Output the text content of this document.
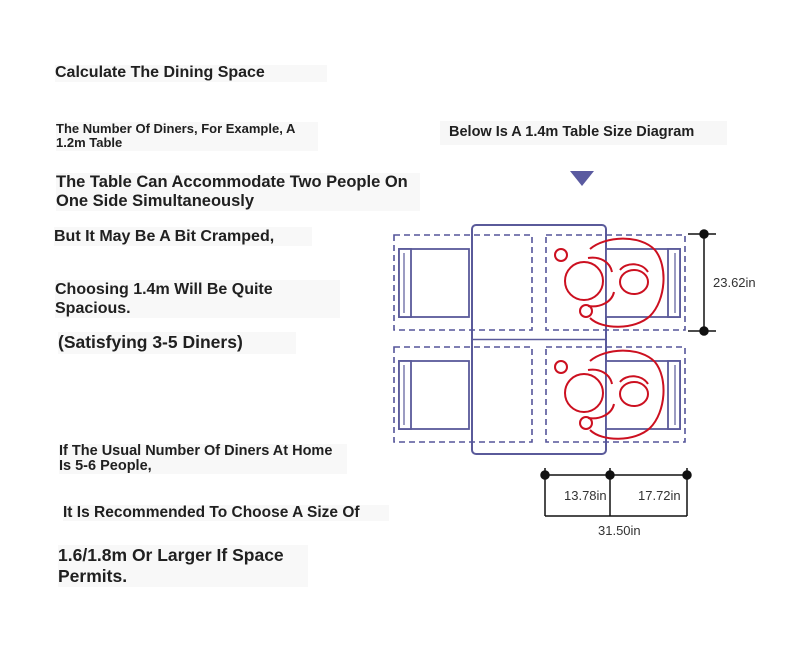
Calculate The Dining Space

The Number Of Diners, For Example, A 1.2m Table

The Table Can Accommodate Two People On One Side Simultaneously

But It May Be A Bit Cramped,

Choosing 1.4m Will Be Quite Spacious.

(Satisfying 3-5 Diners)

If The Usual Number Of Diners At Home Is 5-6 People,

It Is Recommended To Choose A Size Of

1.6/1.8m Or Larger If Space Permits.

Below Is A 1.4m Table Size Diagram

23.62in
13.78in 17.72in
31.50in
